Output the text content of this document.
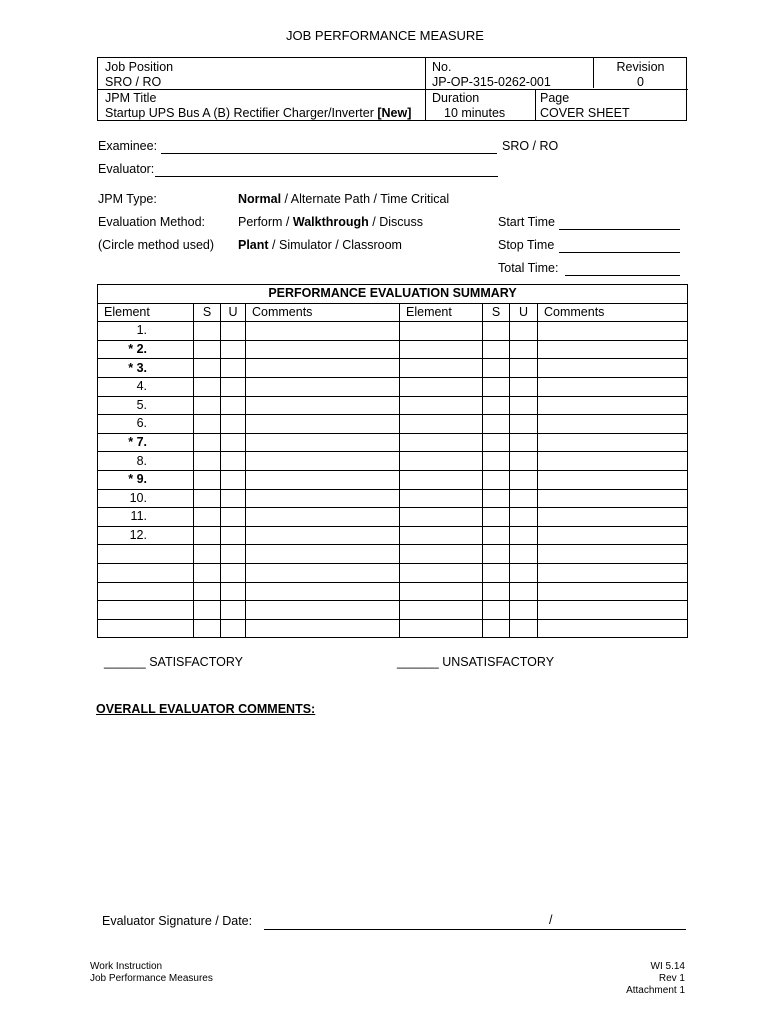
JOB PERFORMANCE MEASURE
Job Position
SRO / RO
JPM Title
Startup UPS Bus A (B) Rectifier Charger/Inverter [New]
No.
JP-OP-315-0262-001
Duration
10 minutes
Revision
0
Page
COVER SHEET
Examinee:	SRO / RO
Evaluator:
JPM Type:	Normal / Alternate Path / Time Critical
Evaluation Method:	Perform / Walkthrough / Discuss
(Circle method used) Plant / Simulator / Classroom
Start Time
Stop Time
Total Time:
PERFORMANCE EVALUATION SUMMARY							
Element	S	U	Comments	Element	S	U	Comments
1.							
* 2.							
* 3.							
4.							
5.							
6.							
* 7.							
8.							
* 9.							
10.							
11.							
12.							

______ SATISFACTORY	______ UNSATISFACTORY
OVERALL EVALUATOR COMMENTS:
Evaluator Signature / Date:	/
Work Instruction
Job Performance Measures
WI 5.14
Rev 1
Attachment 1
